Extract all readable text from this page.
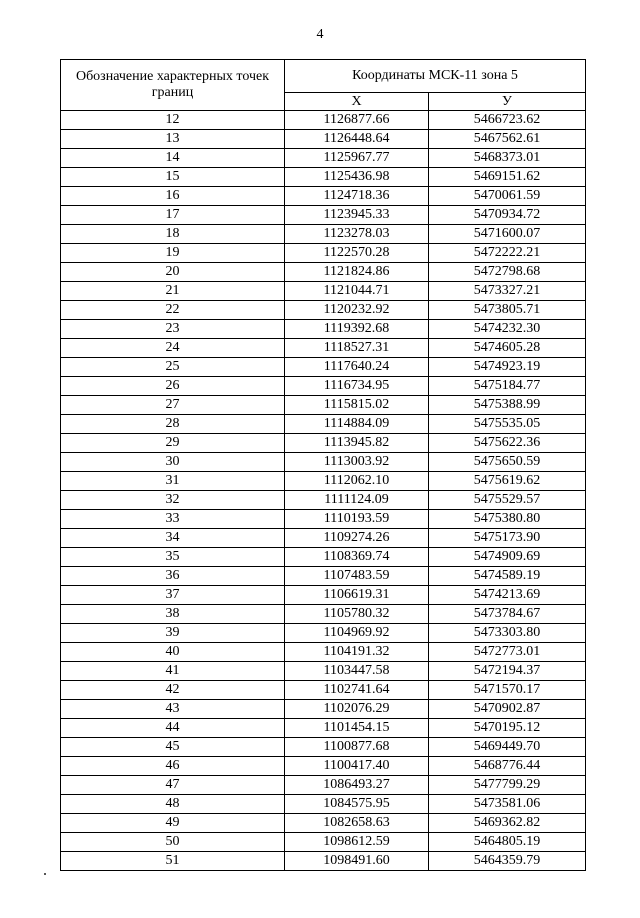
4
Обозначение характерных точек границ	Координаты МСК-11 зона 5	
	X	У
12	1126877.66	5466723.62
13	1126448.64	5467562.61
14	1125967.77	5468373.01
15	1125436.98	5469151.62
16	1124718.36	5470061.59
17	1123945.33	5470934.72
18	1123278.03	5471600.07
19	1122570.28	5472222.21
20	1121824.86	5472798.68
21	1121044.71	5473327.21
22	1120232.92	5473805.71
23	1119392.68	5474232.30
24	1118527.31	5474605.28
25	1117640.24	5474923.19
26	1116734.95	5475184.77
27	1115815.02	5475388.99
28	1114884.09	5475535.05
29	1113945.82	5475622.36
30	1113003.92	5475650.59
31	1112062.10	5475619.62
32	1111124.09	5475529.57
33	1110193.59	5475380.80
34	1109274.26	5475173.90
35	1108369.74	5474909.69
36	1107483.59	5474589.19
37	1106619.31	5474213.69
38	1105780.32	5473784.67
39	1104969.92	5473303.80
40	1104191.32	5472773.01
41	1103447.58	5472194.37
42	1102741.64	5471570.17
43	1102076.29	5470902.87
44	1101454.15	5470195.12
45	1100877.68	5469449.70
46	1100417.40	5468776.44
47	1086493.27	5477799.29
48	1084575.95	5473581.06
49	1082658.63	5469362.82
50	1098612.59	5464805.19
51	1098491.60	5464359.79
